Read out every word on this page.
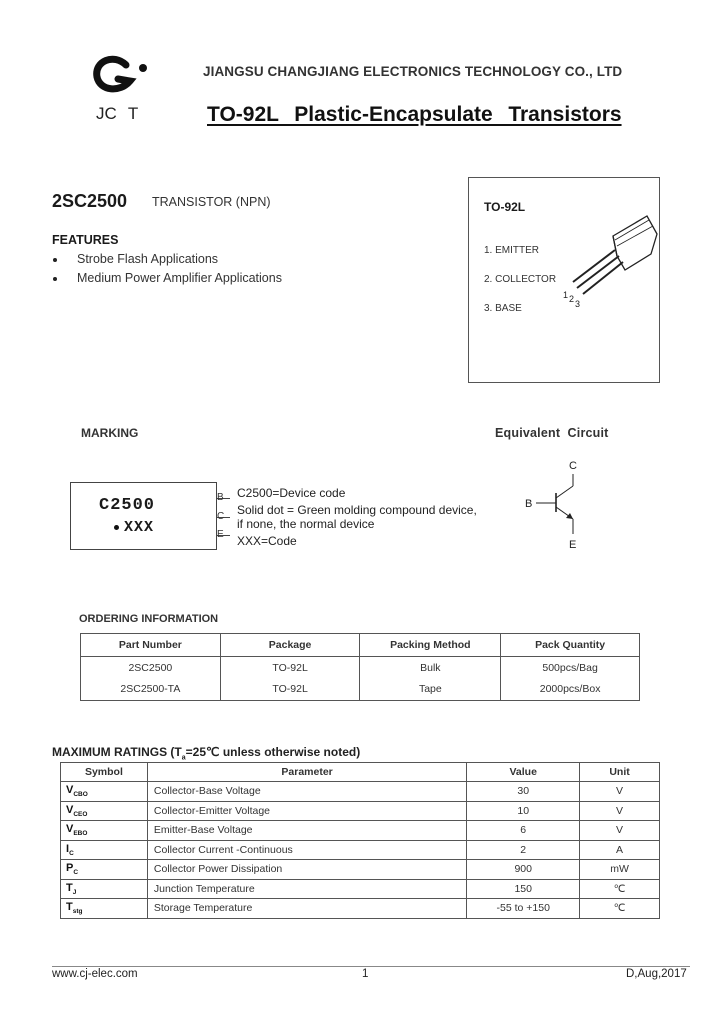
JC  T
JIANGSU CHANGJIANG ELECTRONICS TECHNOLOGY CO., LTD
TO-92L  Plastic-Encapsulate  Transistors
2SC2500 TRANSISTOR (NPN)
FEATURES
Strobe Flash Applications
Medium Power Amplifier Applications
TO-92L
1. EMITTER
2. COLLECTOR
3. BASE
1 2 3
MARKING	Equivalent  Circuit
C2500
XXX
B
C
E
C2500=Device code
Solid dot = Green molding compound device,
if none, the normal device
XXX=Code
C
B
E
ORDERING INFORMATION
Part Number	Package	Packing Method	Pack Quantity
2SC2500	TO-92L	Bulk	500pcs/Bag
2SC2500-TA	TO-92L	Tape	2000pcs/Box
MAXIMUM RATINGS ($T_a=25℃$ unless otherwise noted)
Symbol	Parameter	Value	Unit
$V_{CBO}$	Collector-Base Voltage	30	V
$V_{CEO}$	Collector-Emitter Voltage	10	V
$V_{EBO}$	Emitter-Base Voltage	6	V
$I_C$	Collector Current -Continuous	2	A
$P_C$	Collector Power Dissipation	900	mW
$T_J$	Junction Temperature	150	℃
$T_{stg}$	Storage Temperature	-55 to +150	℃
www.cj-elec.com	1	D,Aug,2017
